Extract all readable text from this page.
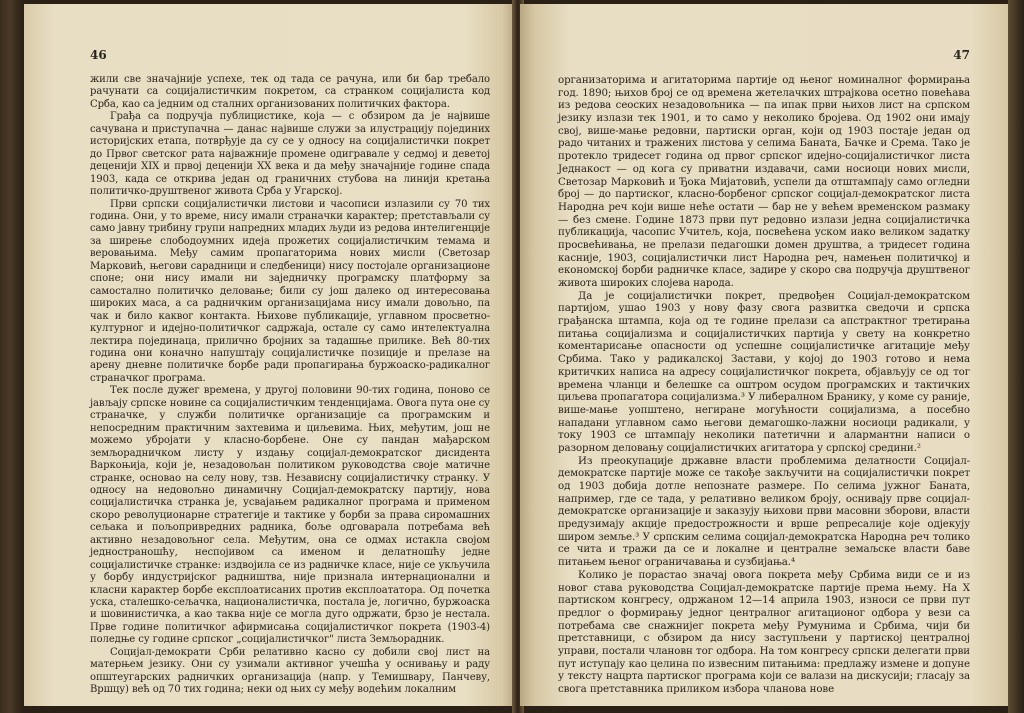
46

жили све значајније успехе, тек од тада се рачуна, или би бар требало рачунати са социјалистичким покретом, са странком социјалиста код Срба, као са једним од сталних организованих политичких фактора.

Грађа са подручја публицистике, која — с обзиром да је највише сачувана и приступачна — данас највише служи за илустрацију појединих историјских етапа, потврђује да су се у односу на социјалистички покрет до Првог светског рата најважније промене одигравале у седмој и деветој деценији XIX и првој деценији XX века и да међу значајније године спада 1903, када се открива један од граничних стубова на линији кретања политичко-друштвеног живота Срба у Угарској.

Први српски социјалистички листови и часописи излазили су 70 тих година. Они, у то време, нису имали страначки карактер; претстављали су само јавну трибину групи напредних младих људи из редова интелигенције за ширење слободоумних идеја прожетих социјалистичким темама и веровањима. Међу самим пропагаторима нових мисли (Светозар Марковић, његови сарадници и следбеници) нису постојале организационе споне; они нису имали ни заједничку програмску платформу за самостално политичко деловање; били су још далеко од интересовања широких маса, а са радничким организацијама нису имали довољно, па чак и било каквог контакта. Њихове публикације, углавном просветно-културног и идејно-политичког садржаја, остале су само интелектуална лектира појединаца, прилично бројних за тадашње прилике. Већ 80-тих година они коначно напуштају социјалистичке позиције и прелазе на арену дневне политичке борбе ради пропагирања буржоаско-радикалног страначког програма.

Тек после дужег времена, у другој половини 90-тих година, поново се јављају српске новине са социјалистичким тенденцијама. Овога пута оне су страначке, у служби политичке организације са програмским и непосредним практичним захтевима и циљевима. Њих, међутим, још не можемо убројати у класно-борбене. Оне су пандан мађарском земљорадничком листу у издању социјал-демократског дисидента Варкоњија, који је, незадовољан политиком руководства своје матичне странке, основао на селу нову, тзв. Независну социјалистичку странку. У односу на недовољно динамичну Социјал-демократску партију, нова социјалистичка странка је, усвајањем радикалног програма и применом скоро револуционарне стратегије и тактике у борби за права сиромашних сељака и пољопривредних радника, боље одговарала потребама већ активно незадовољног села. Међутим, она се одмах истакла својом једностраношћу, неспојивом са именом и делатношћу једне социјалистичке странке: издвојила се из радничке класе, није се укључила у борбу индустријског радништва, није признала интернационални и класни карактер борбе експлоатисаних против експлоататора. Од почетка уска, сталешко-сељачка, националистичка, постала је, логично, буржоаска и шовинистичка, а као таква није се могла дуго одржати, брзо је нестала. Прве године политичког афирмисања социјалистичког покрета (1903-4) поледње су године српског „социјалистичког" листа Земљорадник.

Социјал-демократи Срби релативно касно су добили свој лист на матерњем језику. Они су узимали активног учешћа у оснивању и раду општеугарских радничких организација (напр. у Темишвару, Панчеву, Вршцу) већ од 70 тих година; неки од њих су међу водећим локалним

47

организаторима и агитаторима партије од њеног номиналног формирања год. 1890; њихов број се од времена жетелачких штрајкова осетно повећава из редова сеоских незадовољника — па ипак први њихов лист на српском језику излази тек 1901, и то само у неколико бројева. Од 1902 они имају свој, више-мање редовни, партиски орган, који од 1903 постаје један од радо читаних и тражених листова у селима Баната, Бачке и Срема. Тако је протекло тридесет година од првог српског идејно-социјалистичког листа Једнакост — од кога су приватни издавачи, сами носиоци нових мисли, Светозар Марковић и Ђока Миjатовић, успели да отштампају само оглeдни број — до партиског, класно-борбеног српског социјал-демократског листа Народна реч који више неће остати — бар не у већем временском размаку — без смене. Године 1873 први пут редовно излази једна социјалистичка публикација, часопис Учитељ, која, посвећена уском иако великом задатку просвећивања, не прелази педагошки домен друштва, а тридесет година касније, 1903, социјалистички лист Народна реч, намењен политичкој и економској борби радничке класе, задире у скоро сва подручја друштвеног живота широких слојева народа.

Да је социјалистички покрет, предвођен Социјал-демократском партијом, ушао 1903 у нову фазу свога развитка сведочи и српска грађанска штампа, која од те године прелази са апстрактног третирања питања социјализма и социјалистичких партија у свету на конкретно коментарисање опасности од успешне социјалистичке агитације међу Србима. Тако у радикалској Застави, у којој до 1903 готово и нема критичких написа на адресу социјалистичког покрета, објављују се од тог времена чланци и белешке са оштром осудом програмских и тактичких циљева пропагатора социјализма.³ У либералном Бранику, у коме су раније, више-мање уопштено, негиране могућности социјализма, а посебно нападани углавном само његови демагошко-лажни носиоци радикали, у току 1903 се штампају неколики патетични и алармантни написи о разорном деловању социјалистичких агитатора у српској средини.²

Из преокупације државне власти проблемима делатности Социјал-демократске партије може се такође закључити на социјалистички покрет од 1903 добија дотле непознате размере. По селима јужног Баната, например, где се тада, у релативно великом броју, оснивају прве социјал-демократске организације и заказују њихови први масовни зборови, власти предузимају акције предострожности и врше репресалије које одјекују широм земље.³ У српским селима социјал-демократска Народна реч толико се чита и тражи да се и локалне и централне земаљске власти баве питањем њеног ограничавања и сузбијања.⁴

Колико је порастао значај овога покрета међу Србима види се и из новог става руководства Социјал-демократске партије према њему. На X партиском конгресу, одржаном 12—14 априла 1903, износи се први пут предлог о формирању једног централног агитационог одбора у вези са потребама све снажнијег покрета међу Румунима и Србима, чији би претставници, с обзиром да нису заступљени у партиској централној управи, постали члановн тог одбора. На том конгресу српски делегати први пут иступају као целина по извесним питањима: предлажу измене и допуне у тексту нацрта партиског програма који се валази на дискусији; гласају за свога претставника приликом избора чланова нове
